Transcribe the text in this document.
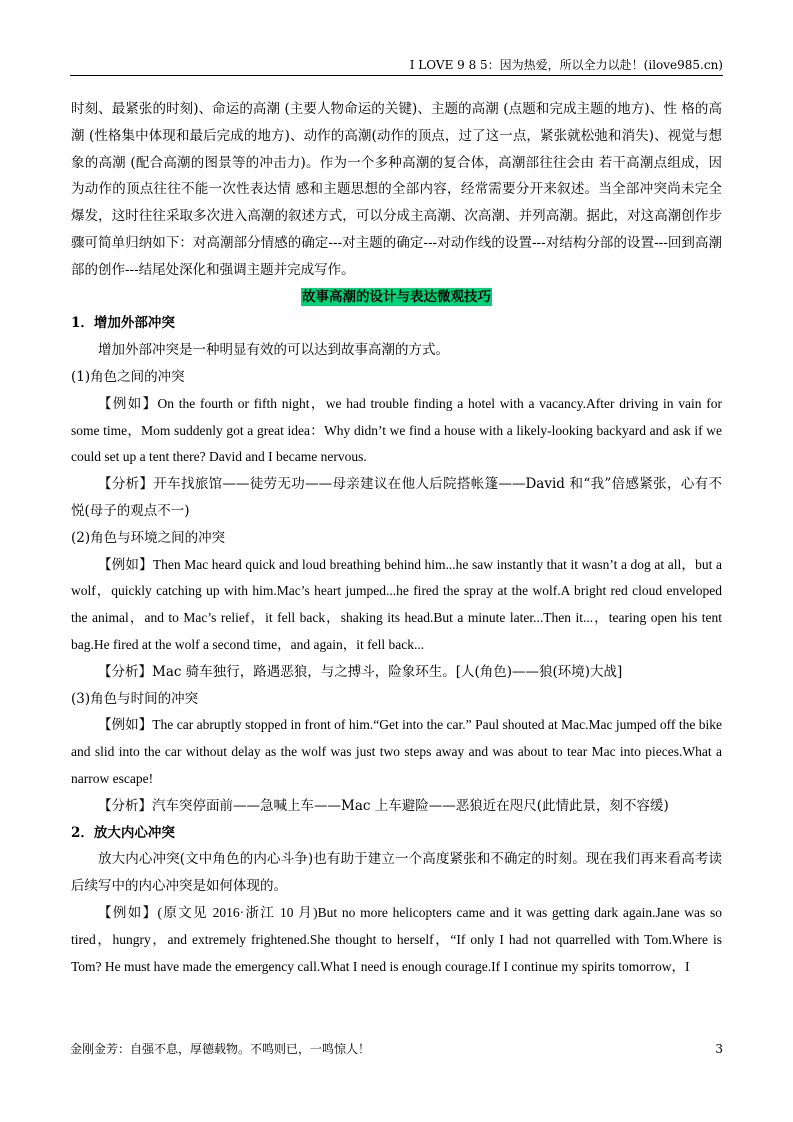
I LOVE 9 8 5：因为热爱，所以全力以赴！(ilove985.cn)

时刻、最紧张的时刻)、命运的高潮 (主要人物命运的关键)、主题的高潮 (点题和完成主题的地方)、性 格的高潮 (性格集中体现和最后完成的地方)、动作的高潮(动作的顶点，过了这一点，紧张就松弛和消失)、视觉与想象的高潮 (配合高潮的图景等的冲击力)。作为一个多种高潮的复合体，高潮部往往会由 若干高潮点组成，因为动作的顶点往往不能一次性表达情 感和主题思想的全部内容，经常需要分开来叙述。当全部冲突尚未完全爆发，这时往往采取多次进入高潮的叙述方式，可以分成主高潮、次高潮、并列高潮。据此，对这高潮创作步骤可简单归纳如下：对高潮部分情感的确定---对主题的确定---对动作线的设置---对结构分部的设置---回到高潮部的创作---结尾处深化和强调主题并完成写作。

故事高潮的设计与表达微观技巧

1．增加外部冲突

增加外部冲突是一种明显有效的可以达到故事高潮的方式。

(1)角色之间的冲突

【例如】On the fourth or fifth night，we had trouble finding a hotel with a vacancy.After driving in vain for some time，Mom suddenly got a great idea：Why didn’t we find a house with a likely-looking backyard and ask if we could set up a tent there? David and I became nervous.

【分析】开车找旅馆——徒劳无功——母亲建议在他人后院搭帐篷——David 和“我”倍感紧张，心有不悦(母子的观点不一)

(2)角色与环境之间的冲突

【例如】Then Mac heard quick and loud breathing behind him...he saw instantly that it wasn’t a dog at all，but a wolf，quickly catching up with him.Mac’s heart jumped...he fired the spray at the wolf.A bright red cloud enveloped the animal，and to Mac’s relief，it fell back，shaking its head.But a minute later...Then it...，tearing open his tent bag.He fired at the wolf a second time，and again，it fell back...

【分析】Mac 骑车独行，路遇恶狼，与之搏斗，险象环生。[人(角色)——狼(环境)大战]

(3)角色与时间的冲突

【例如】The car abruptly stopped in front of him.“Get into the car.” Paul shouted at Mac.Mac jumped off the bike and slid into the car without delay as the wolf was just two steps away and was about to tear Mac into pieces.What a narrow escape!

【分析】汽车突停面前——急喊上车——Mac 上车避险——恶狼近在咫尺(此情此景，刻不容缓)

2．放大内心冲突

放大内心冲突(文中角色的内心斗争)也有助于建立一个高度紧张和不确定的时刻。现在我们再来看高考读后续写中的内心冲突是如何体现的。

【例如】(原文见 2016·浙江 10 月)But no more helicopters came and it was getting dark again.Jane was so tired，hungry，and extremely frightened.She thought to herself，“If only I had not quarrelled with Tom.Where is Tom? He must have made the emergency call.What I need is enough courage.If I continue my spirits tomorrow，I

金刚金芳：自强不息，厚德载物。不鸣则已，一鸣惊人！	3
